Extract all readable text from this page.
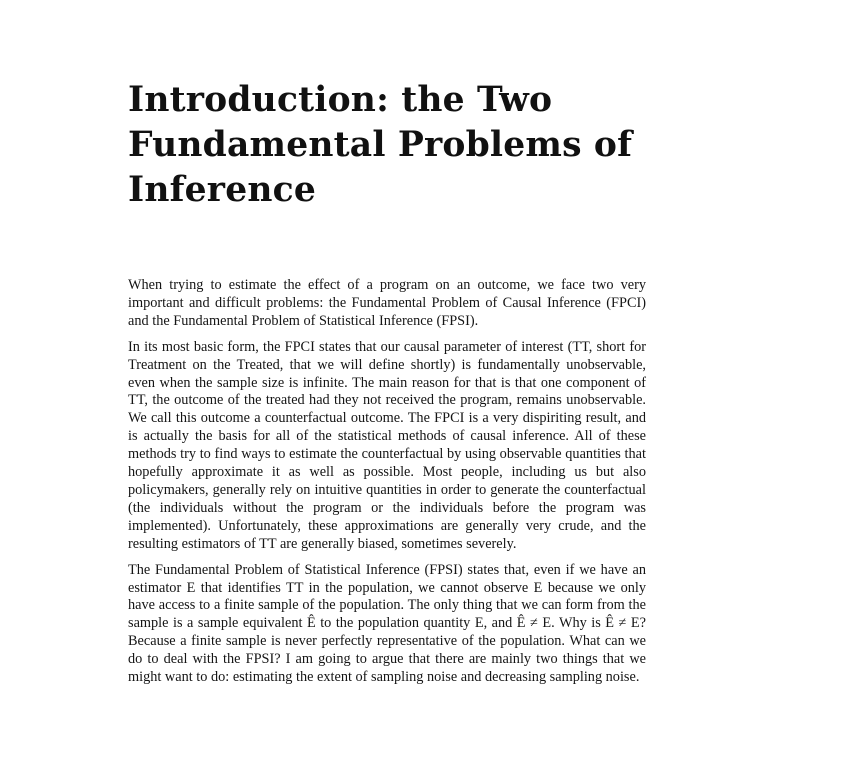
Introduction: the Two
Fundamental Problems of
Inference

When trying to estimate the effect of a program on an outcome, we face two very important and difficult problems: the Fundamental Problem of Causal Inference (FPCI) and the Fundamental Problem of Statistical Inference (FPSI).

In its most basic form, the FPCI states that our causal parameter of interest (TT, short for Treatment on the Treated, that we will define shortly) is fundamentally unobservable, even when the sample size is infinite. The main reason for that is that one component of TT, the outcome of the treated had they not received the program, remains unobservable. We call this outcome a counterfactual outcome. The FPCI is a very dispiriting result, and is actually the basis for all of the statistical methods of causal inference. All of these methods try to find ways to estimate the counterfactual by using observable quantities that hopefully approximate it as well as possible. Most people, including us but also policymakers, generally rely on intuitive quantities in order to generate the counterfactual (the individuals without the program or the individuals before the program was implemented). Unfortunately, these approximations are generally very crude, and the resulting estimators of TT are generally biased, sometimes severely.

The Fundamental Problem of Statistical Inference (FPSI) states that, even if we have an estimator E that identifies TT in the population, we cannot observe E because we only have access to a finite sample of the population. The only thing that we can form from the sample is a sample equivalent Ê to the population quantity E, and Ê ≠ E. Why is Ê ≠ E? Because a finite sample is never perfectly representative of the population. What can we do to deal with the FPSI? I am going to argue that there are mainly two things that we might want to do: estimating the extent of sampling noise and decreasing sampling noise.
